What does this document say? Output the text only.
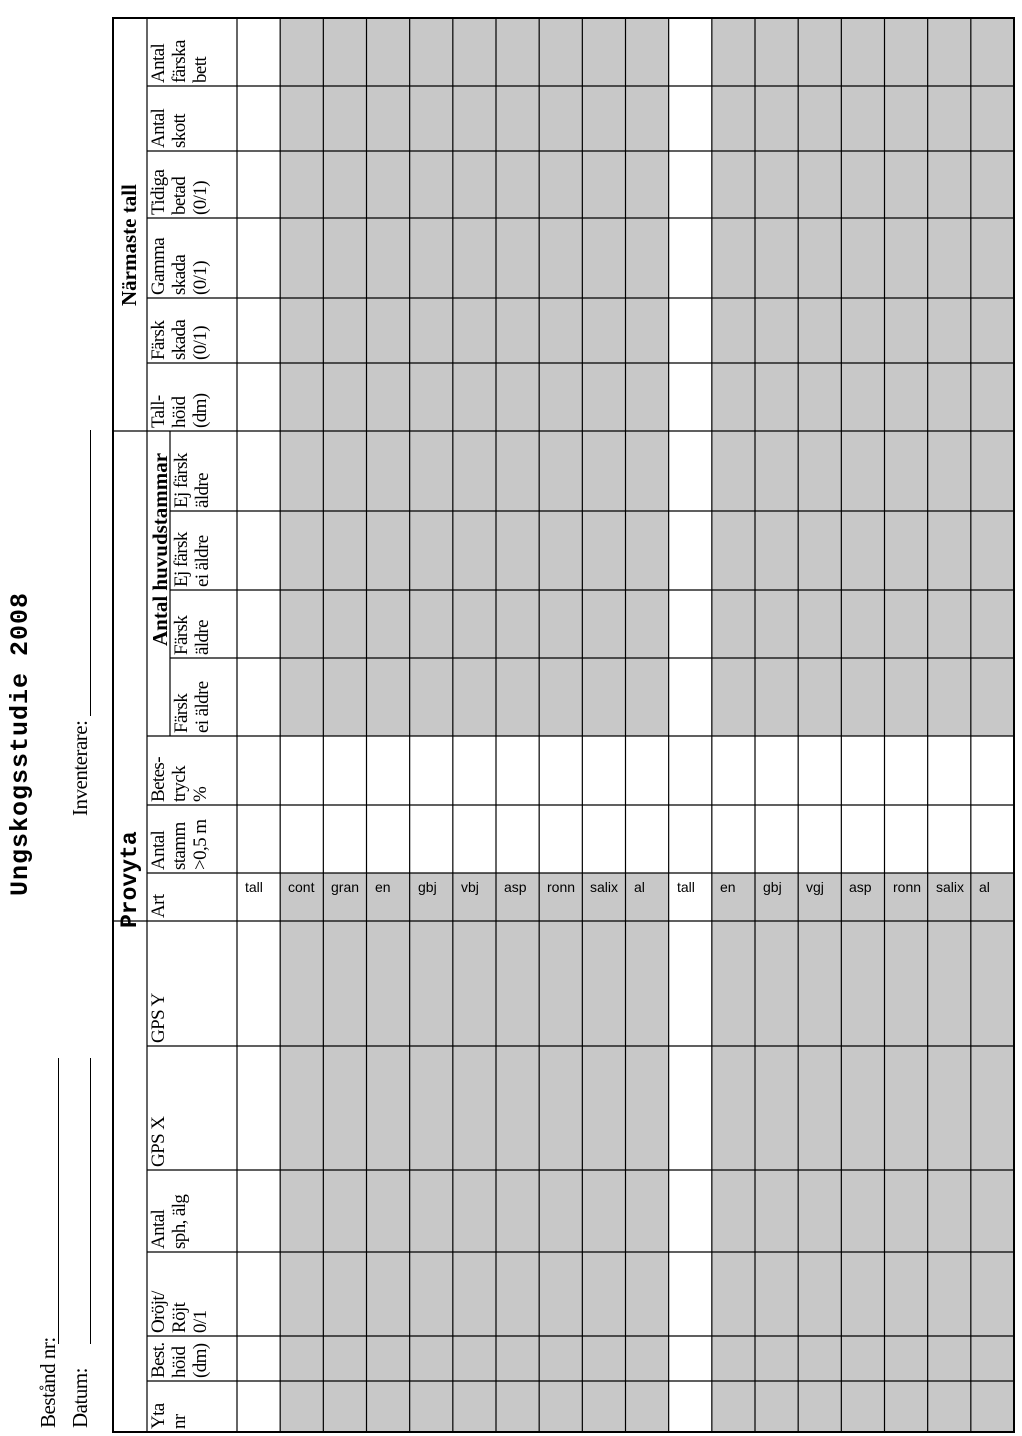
Ungskogsstudie 2008
Bestånd nr: Datum:
Inventerare:
Provyta
Antal huvudstammar
Närmaste tall
Yta
nr
Best.
höid
(dm)
Oröjt/
Röjt
0/1
Antal
sph, älg
GPS X
GPS Y
Art
Antal
stamm
>0,5 m
Betes-
tryck
%
Färsk
ei äldre
Färsk
äldre
Ej färsk
ei äldre
Ej färsk
äldre
Tall-
höid
(dm)
Färsk
skada
(0/1)
Gamma
skada
(0/1)
Tidiga
betad
(0/1)
Antal
skott
Antal
färska
bett
tall cont gran en gbj vbj asp ronn salix al tall en gbj vgj asp ronn salix al
